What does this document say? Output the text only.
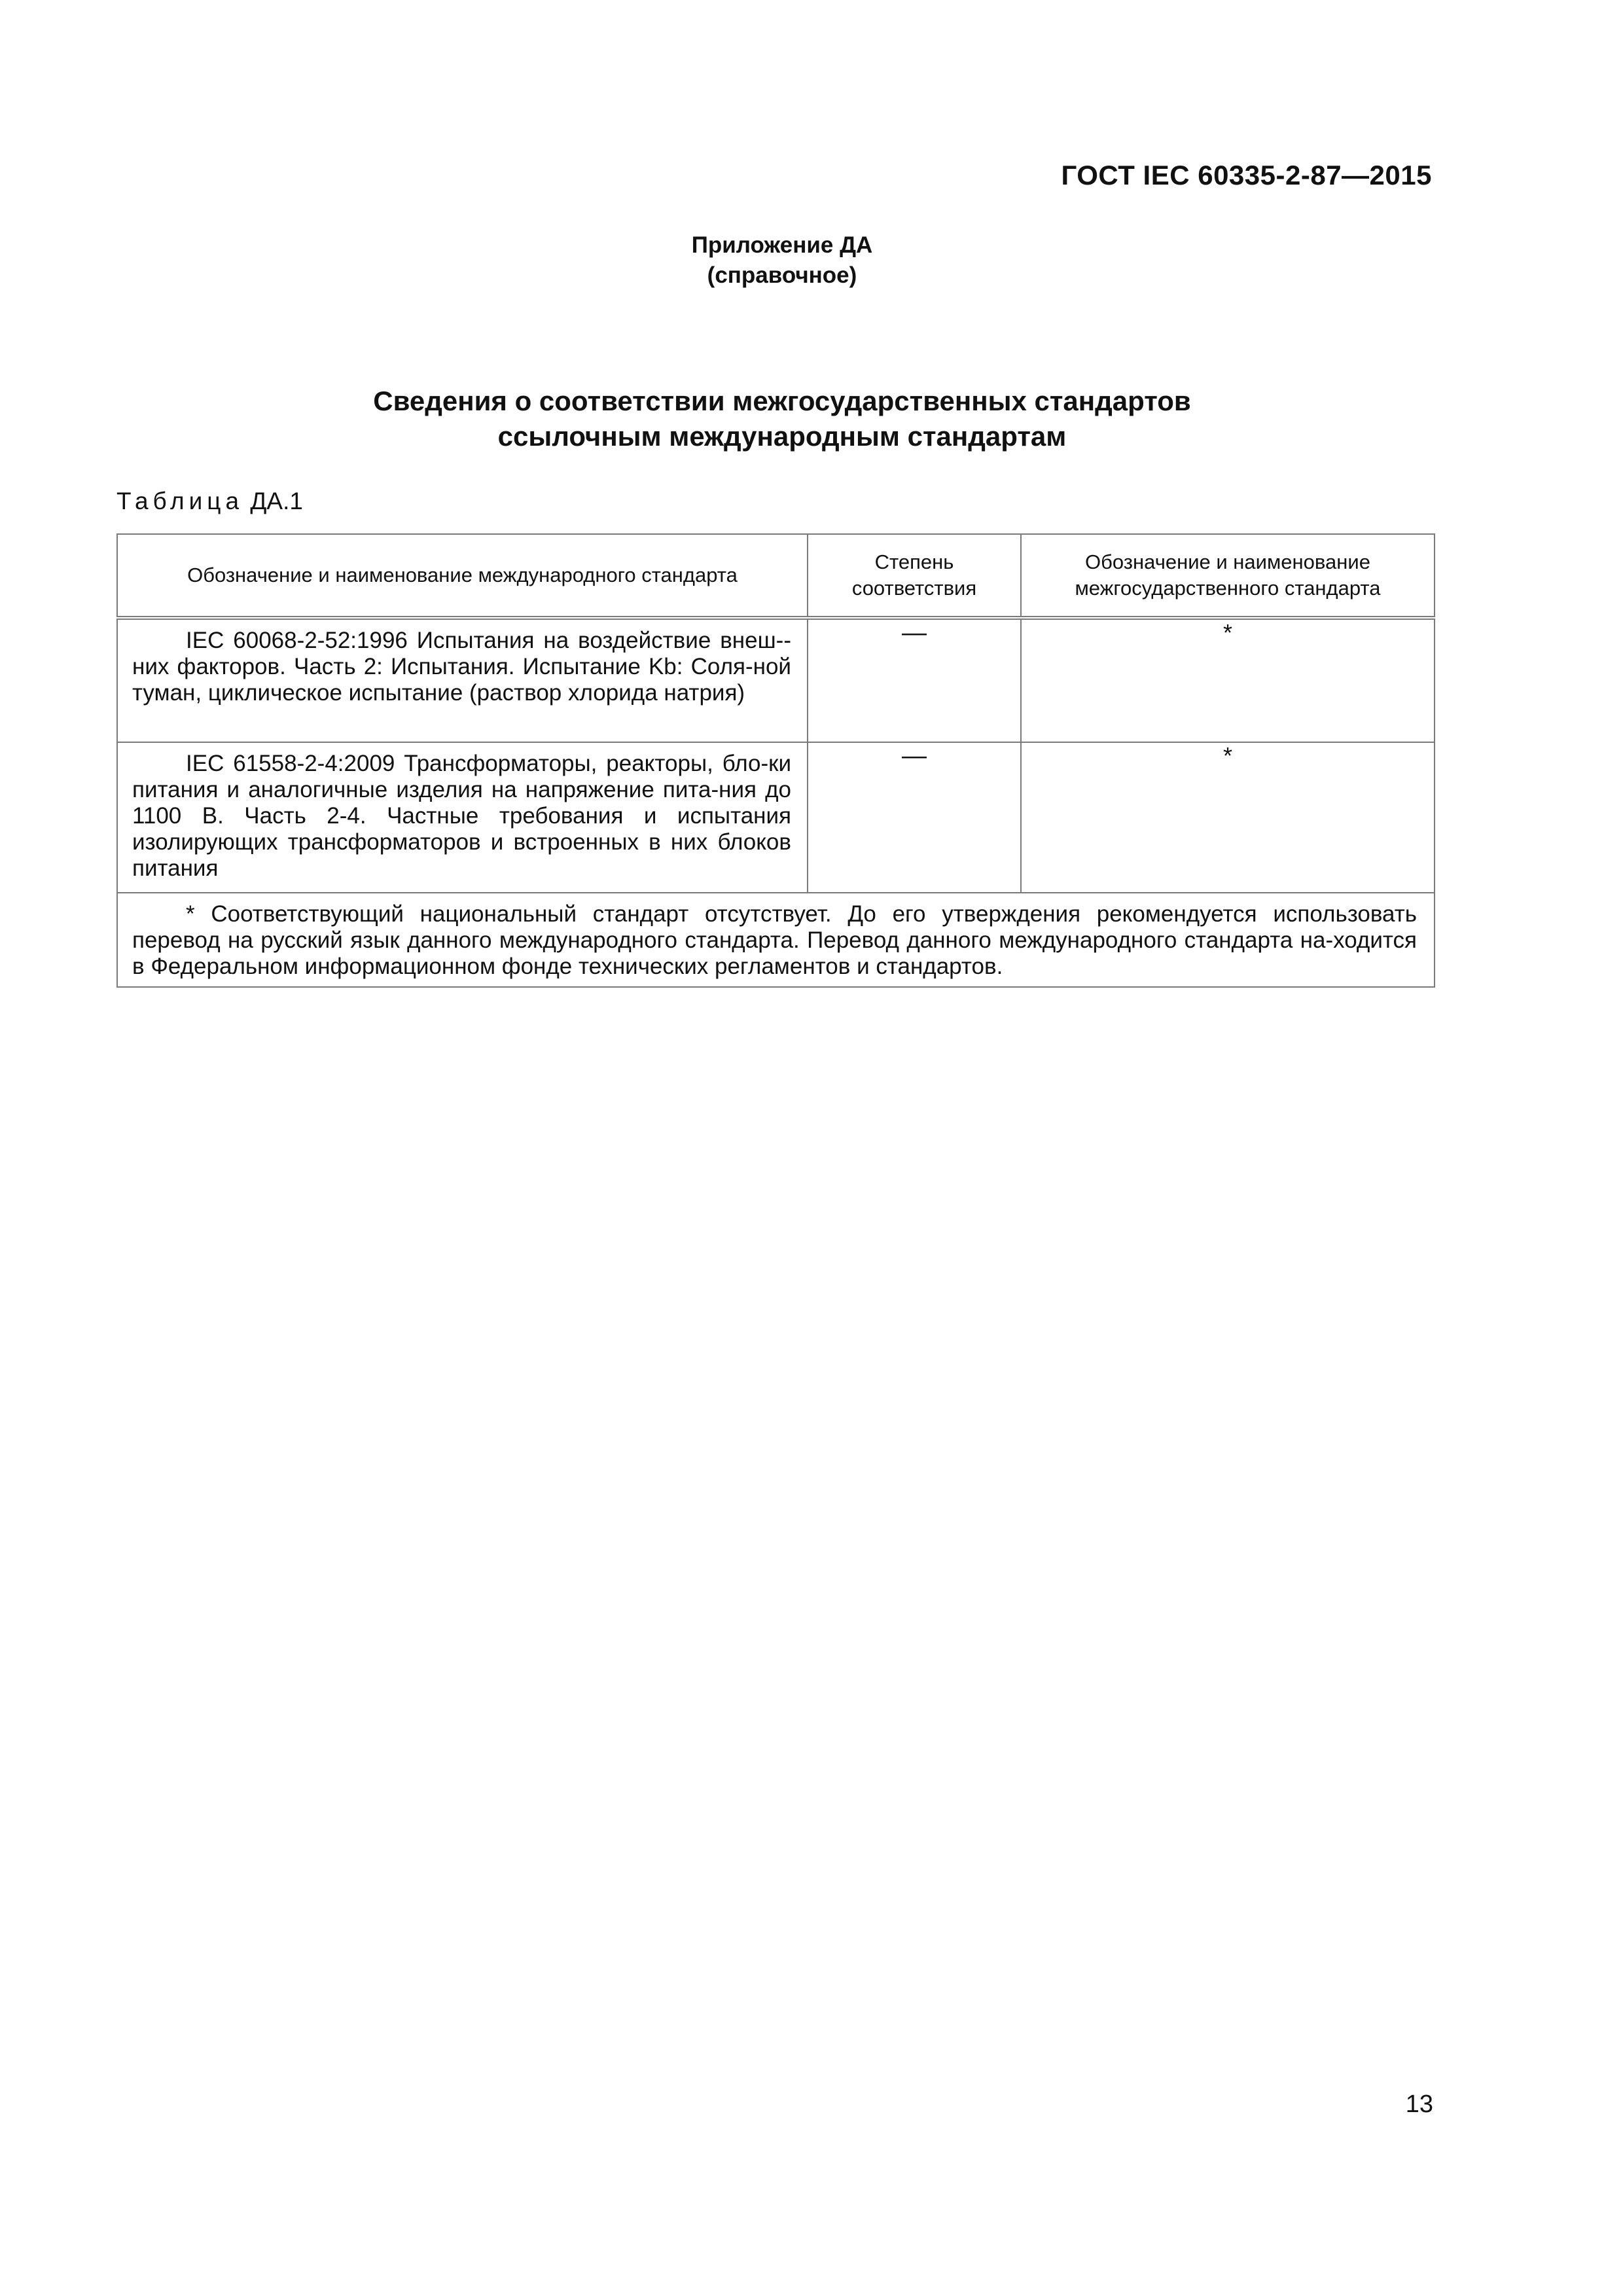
ГОСТ IEC 60335-2-87—2015
Приложение ДА
(справочное)
Сведения о соответствии межгосударственных стандартов
ссылочным международным стандартам
Таблица ДА.1
Обозначение и наименование международного стандарта	Степень соответствия	Обозначение и наименование межгосударственного стандарта

IEC 60068-2-52:1996 Испытания на воздействие внеш-них факторов. Часть 2: Испытания. Испытание Kb: Соля-ной туман, циклическое испытание (раствор хлорида натрия)	—	*

IEC 61558-2-4:2009 Трансформаторы, реакторы, бло-ки питания и аналогичные изделия на напряжение пита-ния до 1100 В. Часть 2-4. Частные требования и испытания изолирующих трансформаторов и встроенных в них блоков питания	—	*

* Соответствующий национальный стандарт отсутствует. До его утверждения рекомендуется использовать перевод на русский язык данного международного стандарта. Перевод данного международного стандарта на-ходится в Федеральном информационном фонде технических регламентов и стандартов.		
13
